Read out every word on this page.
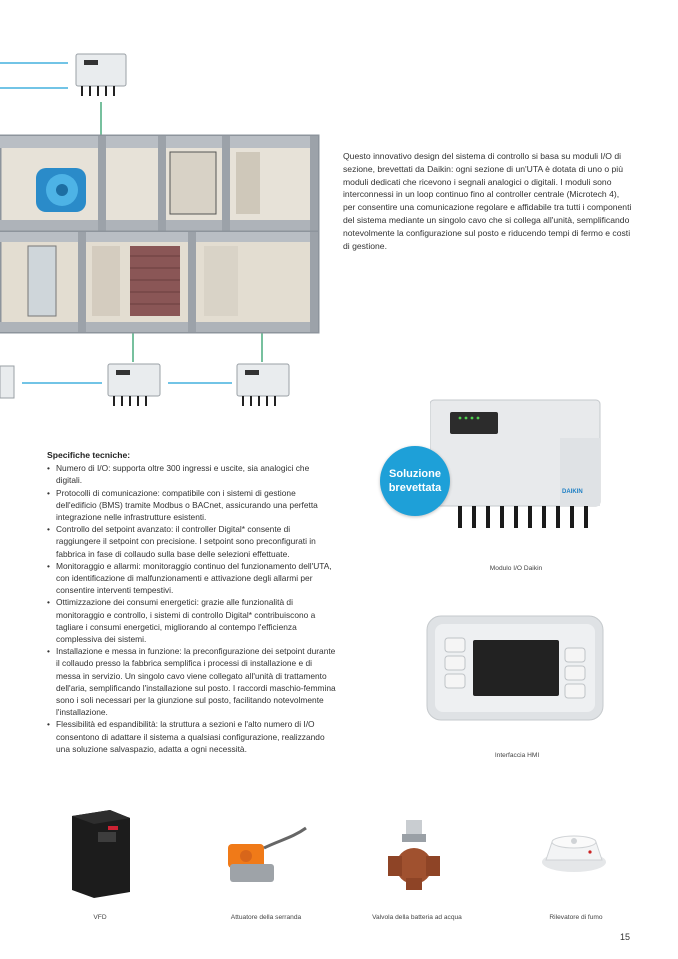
Questo innovativo design del sistema di controllo si basa su moduli I/O di sezione, brevettati da Daikin: ogni sezione di un'UTA è dotata di uno o più moduli dedicati che ricevono i segnali analogici o digitali. I moduli sono interconnessi in un loop continuo fino al controller centrale (Microtech 4), per consentire una comunicazione regolare e affidabile tra tutti i componenti del sistema mediante un singolo cavo che si collega all'unità, semplificando notevolmente la configurazione sul posto e riducendo tempi di fermo e costi di gestione.
DAIKIN
Soluzione
brevettata
Modulo I/O Daikin
Interfaccia HMI
Specifiche tecniche:
• Numero di I/O: supporta oltre 300 ingressi e uscite, sia analogici che digitali.
• Protocolli di comunicazione: compatibile con i sistemi di gestione dell'edificio (BMS) tramite Modbus o BACnet, assicurando una perfetta integrazione nelle infrastrutture esistenti.
• Controllo del setpoint avanzato: il controller Digital* consente di raggiungere il setpoint con precisione. I setpoint sono preconfigurati in fabbrica in fase di collaudo sulla base delle selezioni effettuate.
• Monitoraggio e allarmi: monitoraggio continuo del funzionamento dell'UTA, con identificazione di malfunzionamenti e attivazione degli allarmi per consentire interventi tempestivi.
• Ottimizzazione dei consumi energetici: grazie alle funzionalità di monitoraggio e controllo, i sistemi di controllo Digital* contribuiscono a tagliare i consumi energetici, migliorando al contempo l'efficienza complessiva dei sistemi.
• Installazione e messa in funzione: la preconfigurazione dei setpoint durante il collaudo presso la fabbrica semplifica i processi di installazione e di messa in servizio. Un singolo cavo viene collegato all'unità di trattamento dell'aria, semplificando l'installazione sul posto. I raccordi maschio-femmina sono i soli necessari per la giunzione sul posto, facilitando notevolmente l'installazione.
• Flessibilità ed espandibilità: la struttura a sezioni e l'alto numero di I/O consentono di adattare il sistema a qualsiasi configurazione, realizzando una soluzione salvaspazio, adatta a ogni necessità.
VFD	Attuatore della serranda	Valvola della batteria ad acqua	Rilevatore di fumo
15
